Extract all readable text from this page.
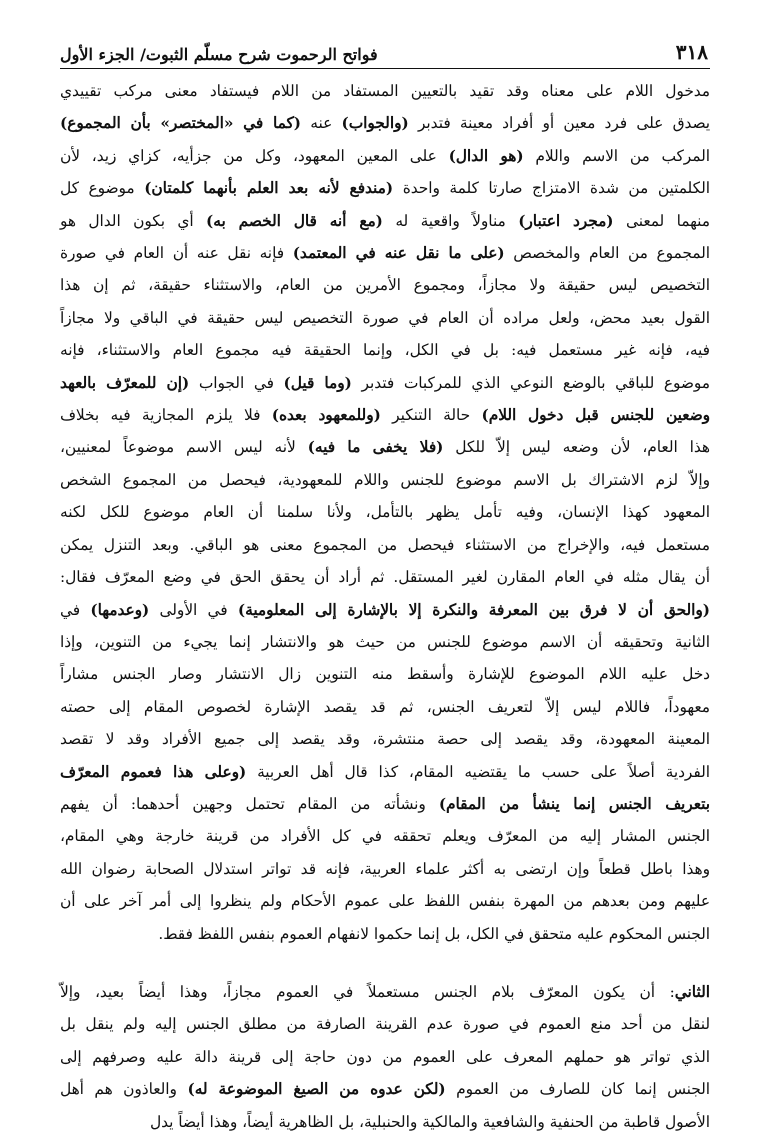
٣١٨
فواتح الرحموت شرح مسلّم الثبوت/ الجزء الأول
مدخول اللام على معناه وقد تقيد بالتعيين المستفاد من اللام فيستفاد معنى مركب تقييدي
يصدق على فرد معين أو أفراد معينة فتدبر (والجواب) عنه (كما في «المختصر» بأن المجموع)
المركب من الاسم واللام (هو الدال) على المعين المعهود، وكل من جزأيه، كزاي زيد، لأن
الكلمتين من شدة الامتزاج صارتا كلمة واحدة (مندفع لأنه بعد العلم بأنهما كلمتان) موضوع كل
منهما لمعنى (مجرد اعتبار) مناولاً واقعية له (مع أنه قال الخصم به) أي بكون الدال هو
المجموع من العام والمخصص (على ما نقل عنه في المعتمد) فإنه نقل عنه أن العام في صورة
التخصيص ليس حقيقة ولا مجازاً، ومجموع الأمرين من العام، والاستثناء حقيقة، ثم إن هذا
القول بعيد محض، ولعل مراده أن العام في صورة التخصيص ليس حقيقة في الباقي ولا مجازاً
فيه، فإنه غير مستعمل فيه: بل في الكل، وإنما الحقيقة فيه مجموع العام والاستثناء، فإنه
موضوع للباقي بالوضع النوعي الذي للمركبات فتدبر (وما قيل) في الجواب (إن للمعرّف بالعهد
وضعين للجنس قبل دخول اللام) حالة التنكير (وللمعهود بعده) فلا يلزم المجازية فيه بخلاف
هذا العام، لأن وضعه ليس إلاّ للكل (فلا يخفى ما فيه) لأنه ليس الاسم موضوعاً لمعنيين،
وإلاّ لزم الاشتراك بل الاسم موضوع للجنس واللام للمعهودية، فيحصل من المجموع الشخص
المعهود كهذا الإنسان، وفيه تأمل يظهر بالتأمل، ولأنا سلمنا أن العام موضوع للكل لكنه
مستعمل فيه، والإخراج من الاستثناء فيحصل من المجموع معنى هو الباقي. وبعد التنزل يمكن
أن يقال مثله في العام المقارن لغير المستقل. ثم أراد أن يحقق الحق في وضع المعرّف فقال:
(والحق أن لا فرق بين المعرفة والنكرة إلا بالإشارة إلى المعلومية) في الأولى (وعدمها) في
الثانية وتحقيقه أن الاسم موضوع للجنس من حيث هو والانتشار إنما يجيء من التنوين، وإذا
دخل عليه اللام الموضوع للإشارة وأسقط منه التنوين زال الانتشار وصار الجنس مشاراً
معهوداً، فاللام ليس إلاّ لتعريف الجنس، ثم قد يقصد الإشارة لخصوص المقام إلى حصته
المعينة المعهودة، وقد يقصد إلى حصة منتشرة، وقد يقصد إلى جميع الأفراد وقد لا تقصد
الفردية أصلاً على حسب ما يقتضيه المقام، كذا قال أهل العربية (وعلى هذا فعموم المعرّف
بتعريف الجنس إنما ينشأ من المقام) ونشأته من المقام تحتمل وجهين أحدهما: أن يفهم
الجنس المشار إليه من المعرّف ويعلم تحققه في كل الأفراد من قرينة خارجة وهي المقام،
وهذا باطل قطعاً وإن ارتضى به أكثر علماء العربية، فإنه قد تواتر استدلال الصحابة رضوان الله
عليهم ومن بعدهم من المهرة بنفس اللفظ على عموم الأحكام ولم ينظروا إلى أمر آخر على أن
الجنس المحكوم عليه متحقق في الكل، بل إنما حكموا لانفهام العموم بنفس اللفظ فقط.
الثاني: أن يكون المعرّف بلام الجنس مستعملاً في العموم مجازاً، وهذا أيضاً بعيد، وإلاّ
لنقل من أحد منع العموم في صورة عدم القرينة الصارفة من مطلق الجنس إليه ولم ينقل بل
الذي تواتر هو حملهم المعرف على العموم من دون حاجة إلى قرينة دالة عليه وصرفهم إلى
الجنس إنما كان للصارف من العموم (لكن عدوه من الصيغ الموضوعة له) والعاذون هم أهل
الأصول قاطبة من الحنفية والشافعية والمالكية والحنبلية، بل الظاهرية أيضاً، وهذا أيضاً يدل
